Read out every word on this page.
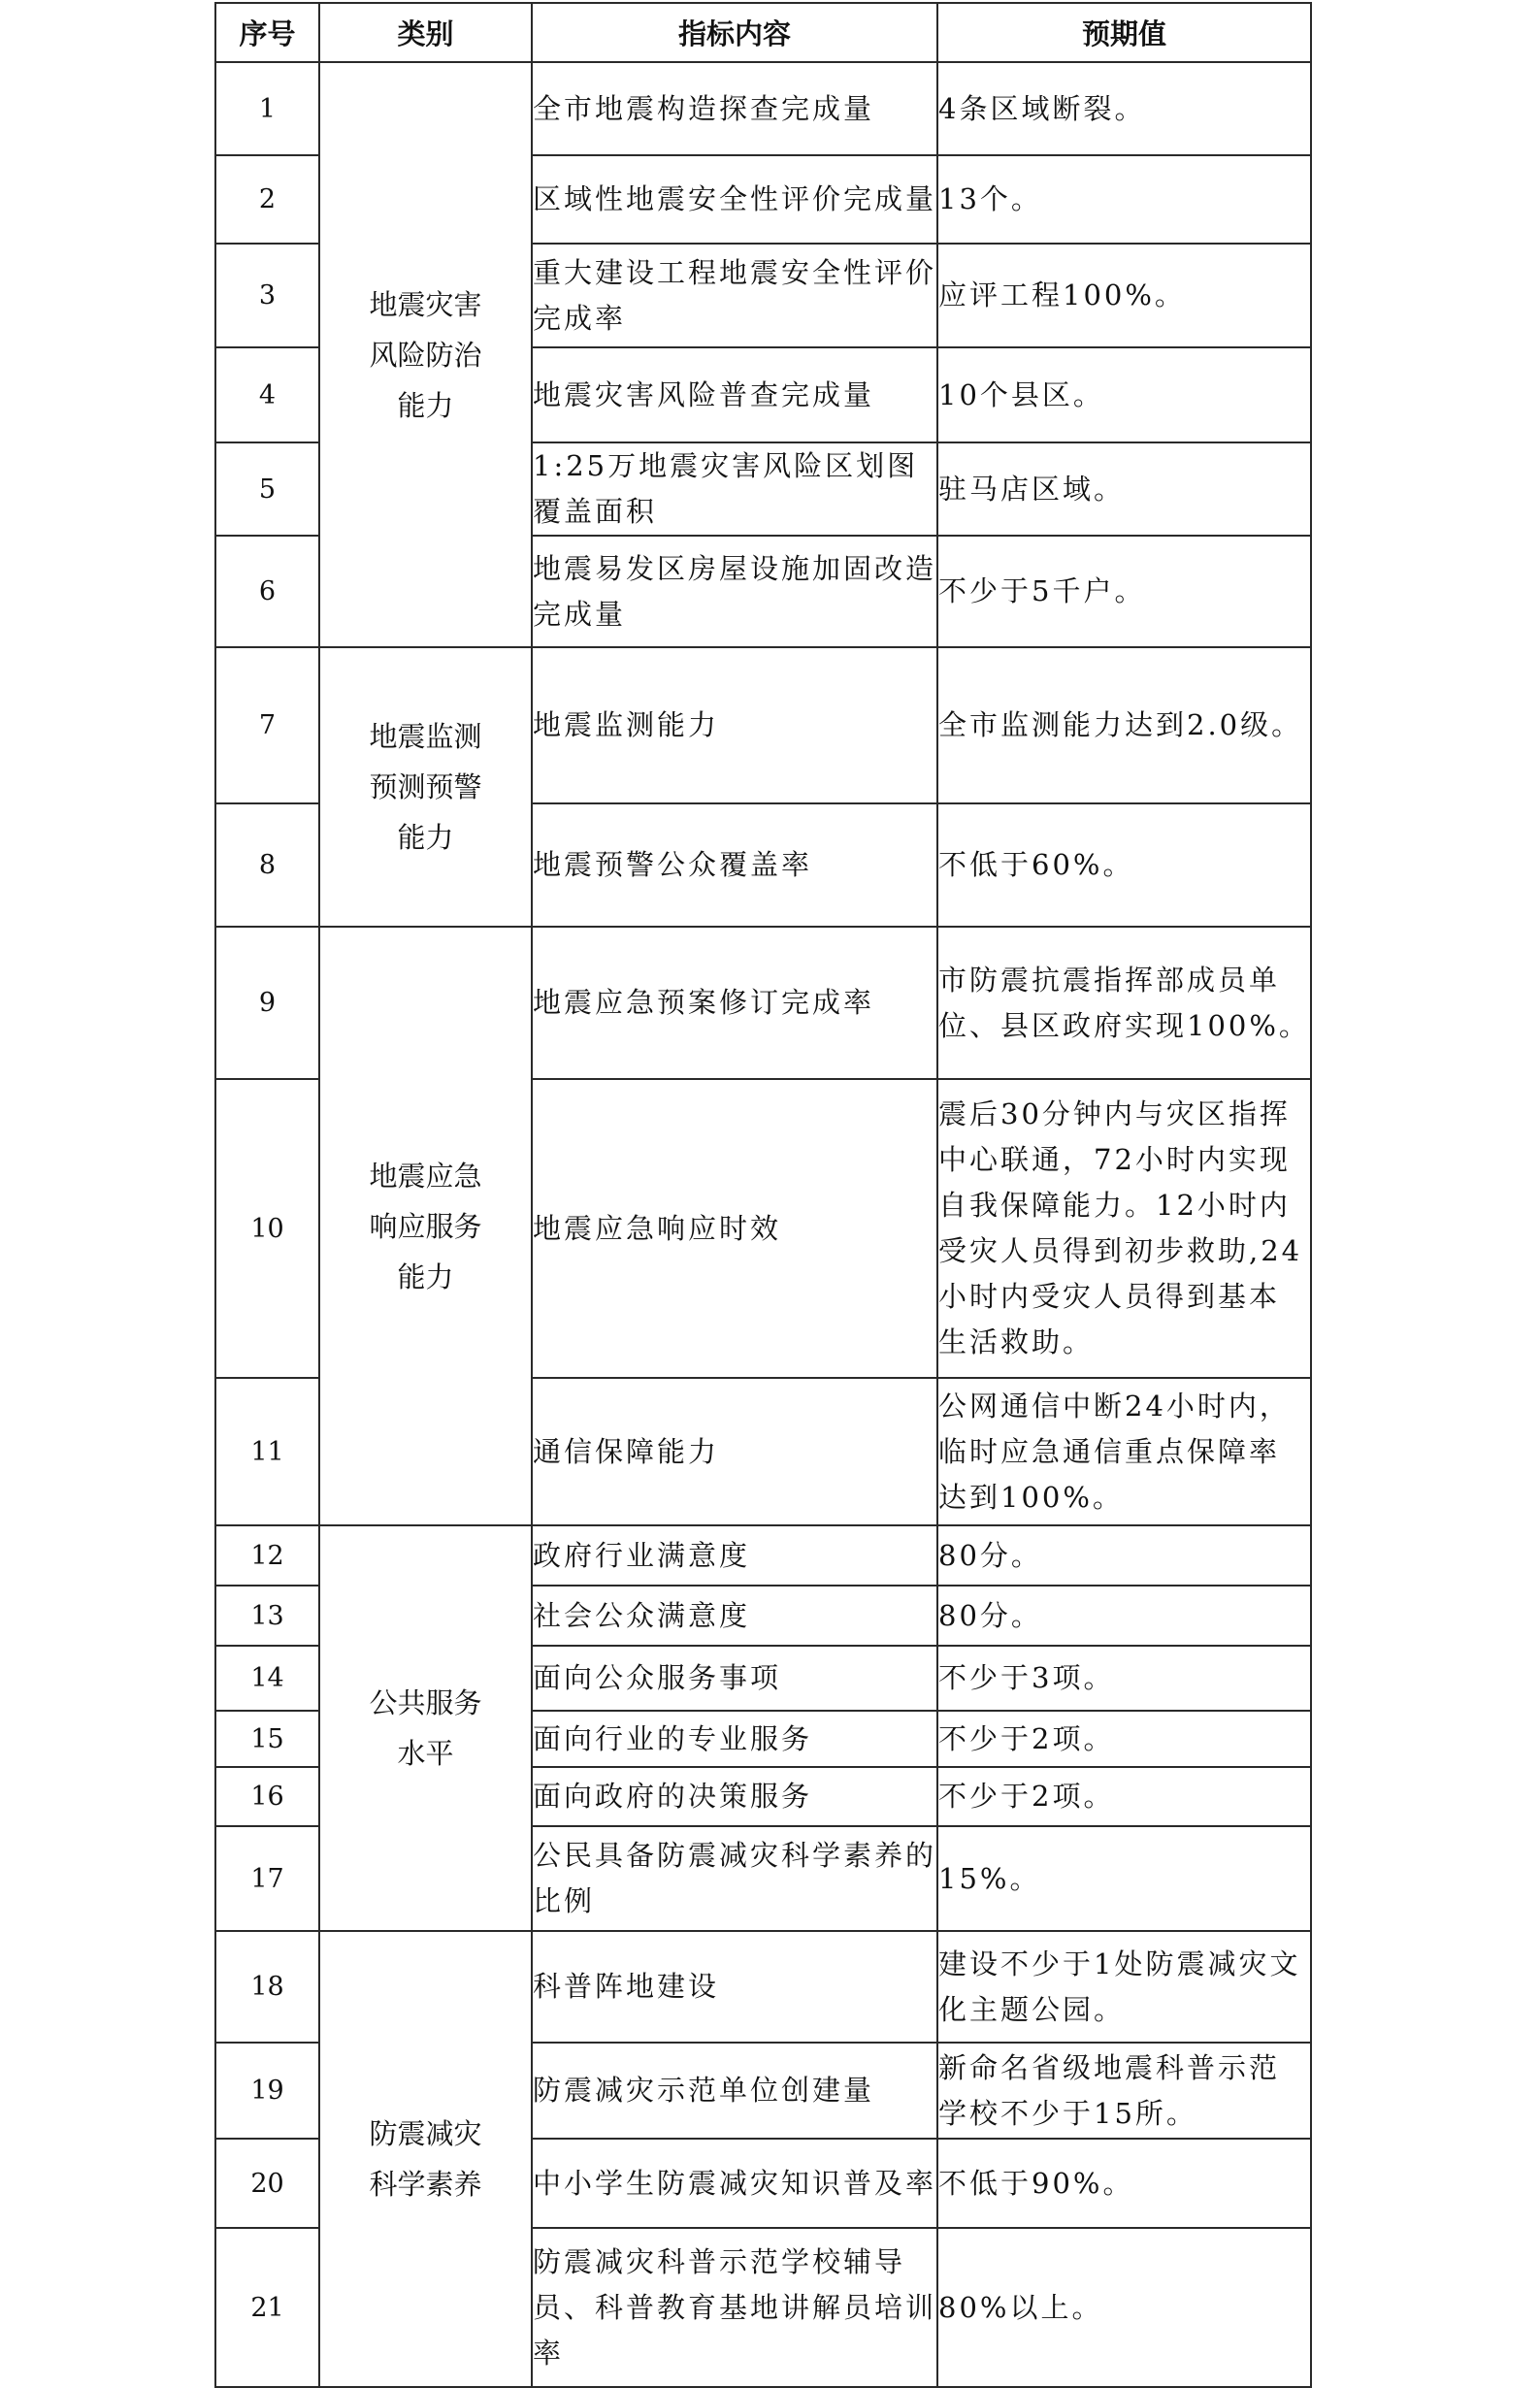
序号	类别	指标内容	预期值
1	地震灾害风险防治能力	全市地震构造探查完成量	4条区域断裂。
2		区域性地震安全性评价完成量	13个。
3		重大建设工程地震安全性评价完成率	应评工程100%。
4		地震灾害风险普查完成量	10个县区。
5		1:25万地震灾害风险区划图覆盖面积	驻马店区域。
6		地震易发区房屋设施加固改造完成量	不少于5千户。
7	地震监测预测预警能力	地震监测能力	全市监测能力达到2.0级。
8		地震预警公众覆盖率	不低于60%。
9	地震应急响应服务能力	地震应急预案修订完成率	市防震抗震指挥部成员单位、县区政府实现100%。
10		地震应急响应时效	震后30分钟内与灾区指挥中心联通，72小时内实现自我保障能力。12小时内受灾人员得到初步救助,24小时内受灾人员得到基本生活救助。
11		通信保障能力	公网通信中断24小时内，临时应急通信重点保障率达到100%。
12	公共服务水平	政府行业满意度	80分。
13		社会公众满意度	80分。
14		面向公众服务事项	不少于3项。
15		面向行业的专业服务	不少于2项。
16		面向政府的决策服务	不少于2项。
17		公民具备防震减灾科学素养的比例	15%。
18	防震减灾科学素养	科普阵地建设	建设不少于1处防震减灾文化主题公园。
19		防震减灾示范单位创建量	新命名省级地震科普示范学校不少于15所。
20		中小学生防震减灾知识普及率	不低于90%。
21		防震减灾科普示范学校辅导员、科普教育基地讲解员培训率	80%以上。
